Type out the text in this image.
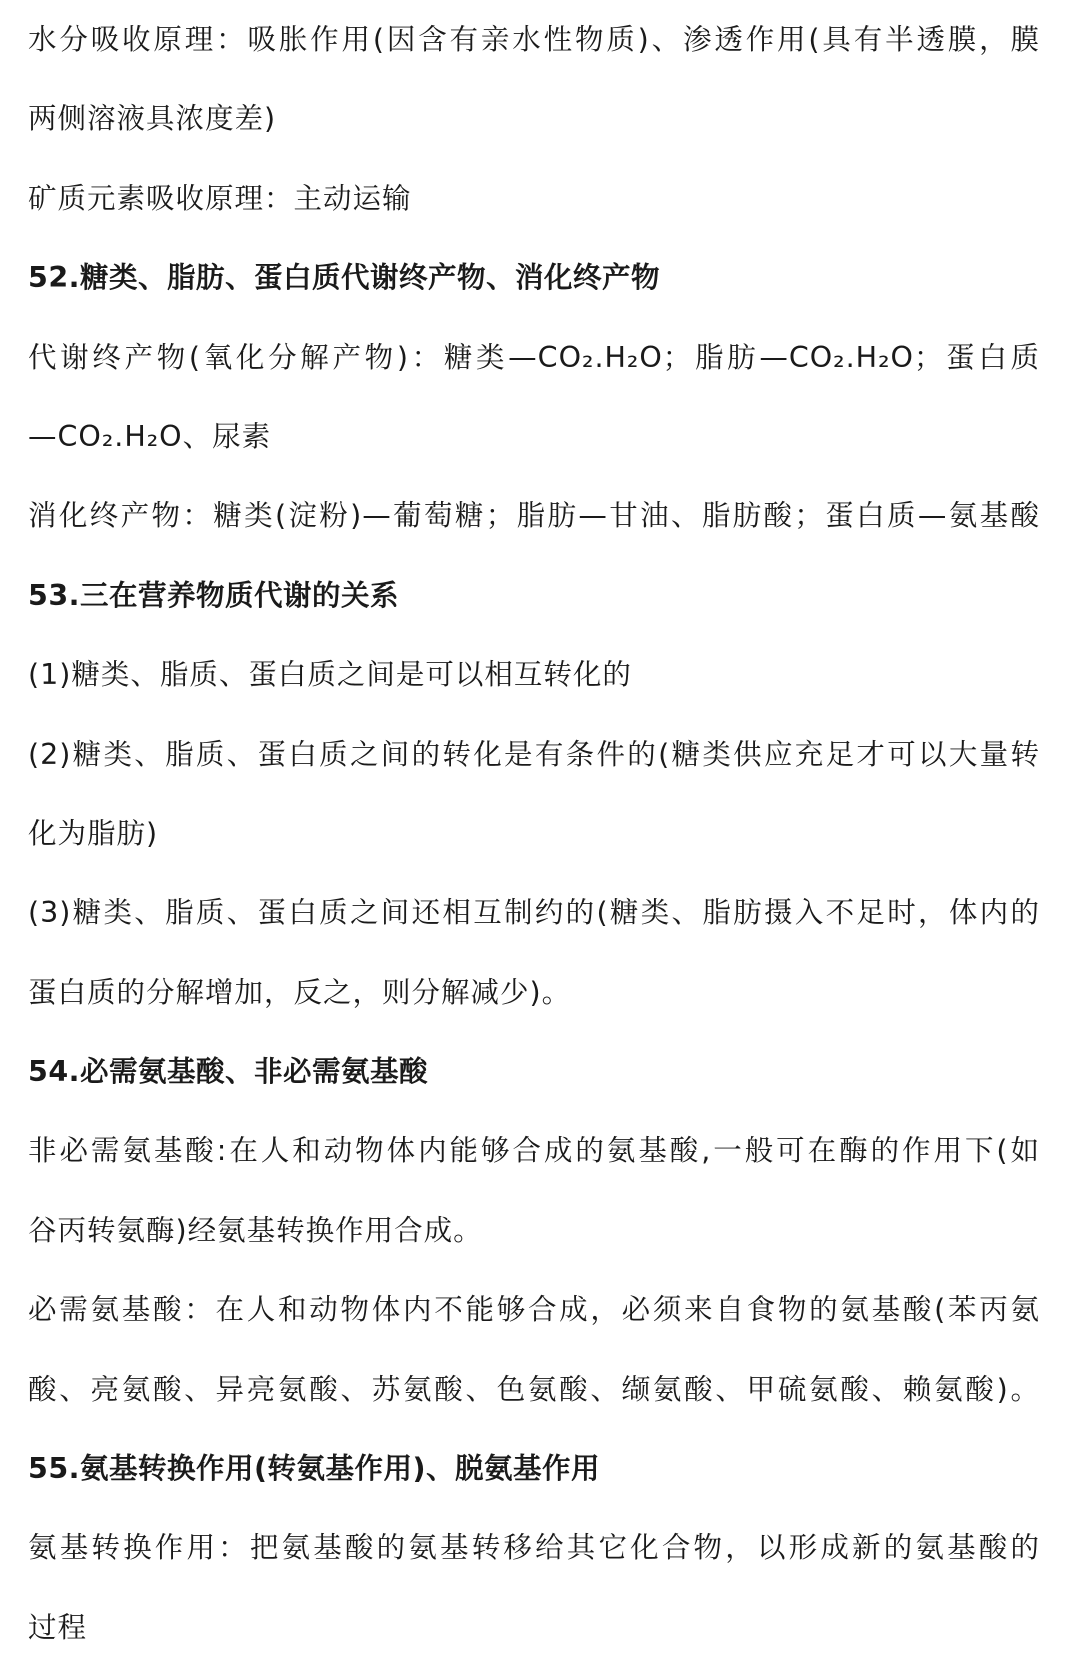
水分吸收原理：吸胀作用(因含有亲水性物质)、渗透作用(具有半透膜，膜
两侧溶液具浓度差)
矿质元素吸收原理：主动运输
52.糖类、脂肪、蛋白质代谢终产物、消化终产物
代谢终产物(氧化分解产物)：糖类—CO₂.H₂O；脂肪—CO₂.H₂O；蛋白质
—CO₂.H₂O、尿素
消化终产物：糖类(淀粉)—葡萄糖；脂肪—甘油、脂肪酸；蛋白质—氨基酸
53.三在营养物质代谢的关系
(1)糖类、脂质、蛋白质之间是可以相互转化的
(2)糖类、脂质、蛋白质之间的转化是有条件的(糖类供应充足才可以大量转
化为脂肪)
(3)糖类、脂质、蛋白质之间还相互制约的(糖类、脂肪摄入不足时，体内的
蛋白质的分解增加，反之，则分解减少)。
54.必需氨基酸、非必需氨基酸
非必需氨基酸:在人和动物体内能够合成的氨基酸,一般可在酶的作用下(如
谷丙转氨酶)经氨基转换作用合成。
必需氨基酸：在人和动物体内不能够合成，必须来自食物的氨基酸(苯丙氨
酸、亮氨酸、异亮氨酸、苏氨酸、色氨酸、缬氨酸、甲硫氨酸、赖氨酸)。
55.氨基转换作用(转氨基作用)、脱氨基作用
氨基转换作用：把氨基酸的氨基转移给其它化合物，以形成新的氨基酸的
过程
